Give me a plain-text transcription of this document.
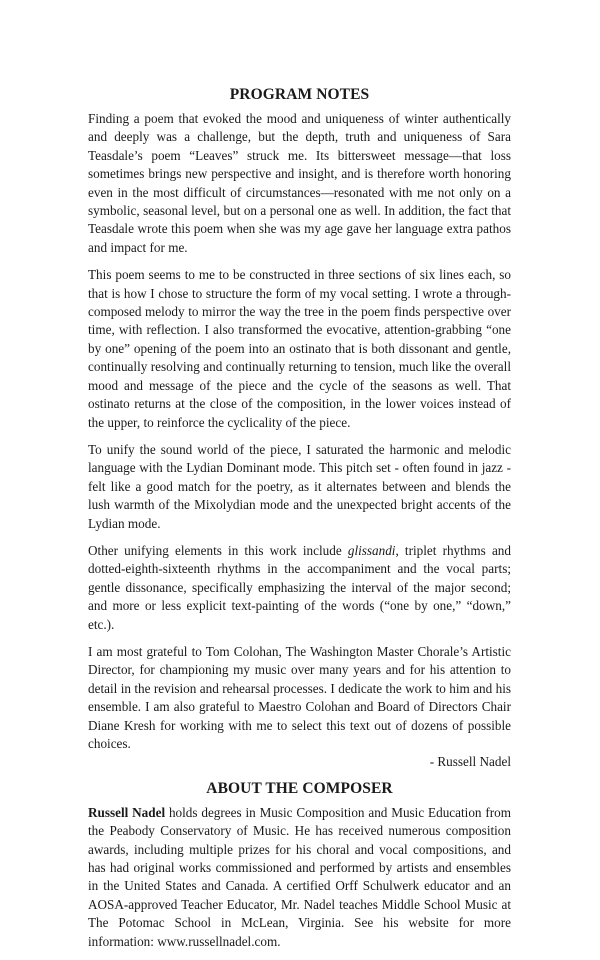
PROGRAM NOTES

Finding a poem that evoked the mood and uniqueness of winter authentically and deeply was a challenge, but the depth, truth and uniqueness of Sara Teasdale’s poem “Leaves” struck me. Its bittersweet message—that loss sometimes brings new perspective and insight, and is therefore worth honoring even in the most difficult of circumstances—resonated with me not only on a symbolic, seasonal level, but on a personal one as well. In addition, the fact that Teasdale wrote this poem when she was my age gave her language extra pathos and impact for me.

This poem seems to me to be constructed in three sections of six lines each, so that is how I chose to structure the form of my vocal setting. I wrote a through-composed melody to mirror the way the tree in the poem finds perspective over time, with reflection. I also transformed the evocative, attention-grabbing “one by one” opening of the poem into an ostinato that is both dissonant and gentle, continually resolving and continually returning to tension, much like the overall mood and message of the piece and the cycle of the seasons as well. That ostinato returns at the close of the composition, in the lower voices instead of the upper, to reinforce the cyclicality of the piece.

To unify the sound world of the piece, I saturated the harmonic and melodic language with the Lydian Dominant mode. This pitch set - often found in jazz - felt like a good match for the poetry, as it alternates between and blends the lush warmth of the Mixolydian mode and the unexpected bright accents of the Lydian mode.

Other unifying elements in this work include glissandi, triplet rhythms and dotted-eighth-sixteenth rhythms in the accompaniment and the vocal parts; gentle dissonance, specifically emphasizing the interval of the major second; and more or less explicit text-painting of the words (“one by one,” “down,” etc.).

I am most grateful to Tom Colohan, The Washington Master Chorale’s Artistic Director, for championing my music over many years and for his attention to detail in the revision and rehearsal processes. I dedicate the work to him and his ensemble. I am also grateful to Maestro Colohan and Board of Directors Chair Diane Kresh for working with me to select this text out of dozens of possible choices.

- Russell Nadel
ABOUT THE COMPOSER

Russell Nadel holds degrees in Music Composition and Music Education from the Peabody Conservatory of Music. He has received numerous composition awards, including multiple prizes for his choral and vocal compositions, and has had original works commissioned and performed by artists and ensembles in the United States and Canada. A certified Orff Schulwerk educator and an AOSA-approved Teacher Educator, Mr. Nadel teaches Middle School Music at The Potomac School in McLean, Virginia. See his website for more information: www.russellnadel.com.
